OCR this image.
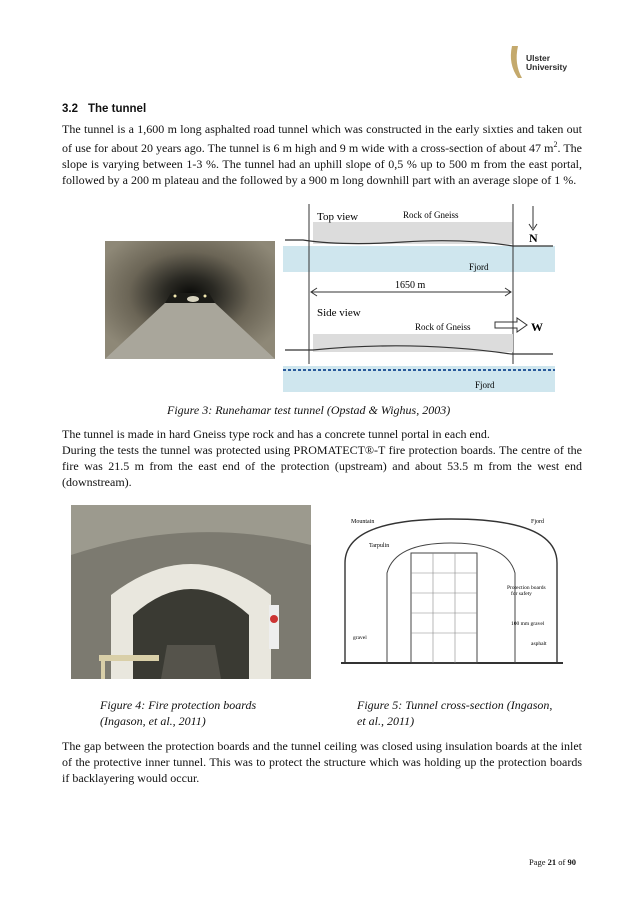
Ulster
University
3.2 The tunnel
The tunnel is a 1,600 m long asphalted road tunnel which was constructed in the early sixties and taken out of use for about 20 years ago. The tunnel is 6 m high and 9 m wide with a cross-section of about 47 $m^2$. The slope is varying between 1-3 %. The tunnel had an uphill slope of 0,5 % up to 500 m from the east portal, followed by a 200 m plateau and the followed by a 900 m long downhill part with an average slope of 1 %.
Top view	Rock of Gneiss
N
Fjord
1650 m
Side view
Rock of Gneiss	W
Fjord
Figure 3: Runehamar test tunnel (Opstad & Wighus, 2003)
The tunnel is made in hard Gneiss type rock and has a concrete tunnel portal in each end.
During the tests the tunnel was protected using PROMATECT®-T fire protection boards. The centre of the fire was 21.5 m from the east end of the protection (upstream) and about 53.5 m from the west end (downstream).
Mountain	Fjord
Tarpulin
Protection boards
for safety
100 mm gravel
asphalt
gravel
Figure 4: Fire protection boards
(Ingason, et al., 2011)
Figure 5: Tunnel cross-section (Ingason,
et al., 2011)
The gap between the protection boards and the tunnel ceiling was closed using insulation boards at the inlet of the protective inner tunnel. This was to protect the structure which was holding up the protection boards if backlayering would occur.
Page 21 of 90
